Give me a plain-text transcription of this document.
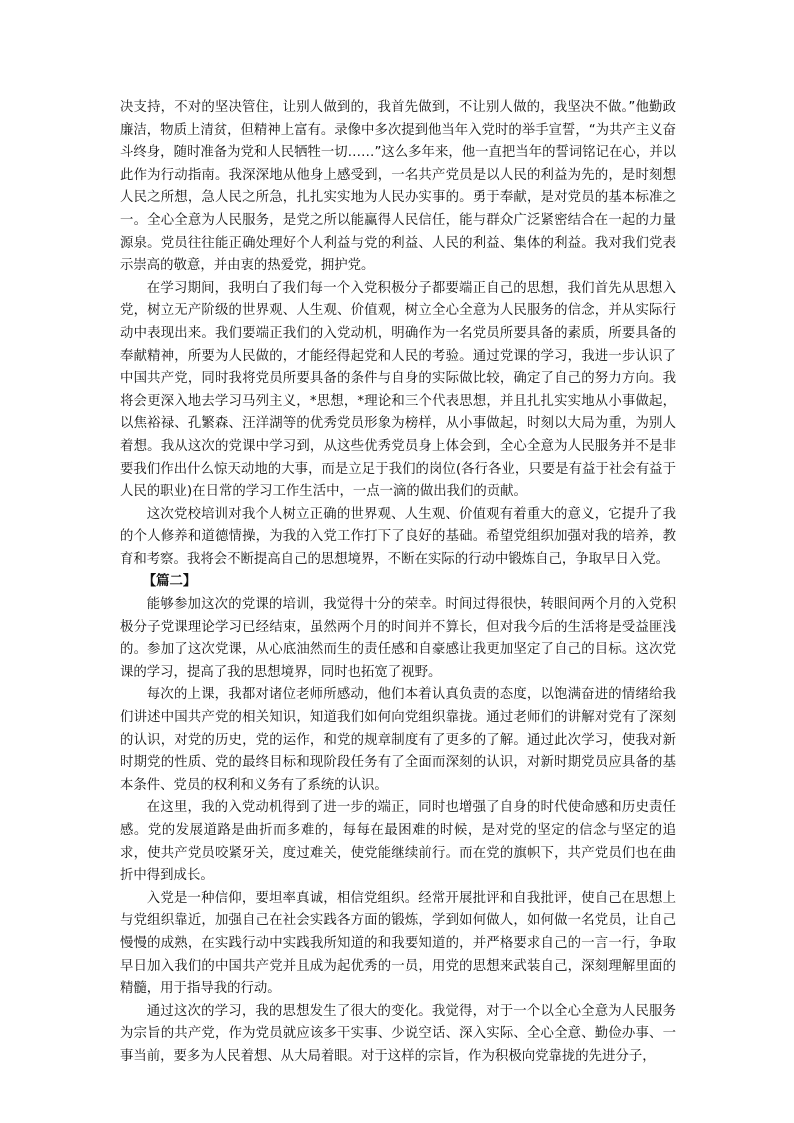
决支持，不对的坚决管住，让别人做到的，我首先做到，不让别人做的，我坚决不做。”他勤政廉洁，物质上清贫，但精神上富有。录像中多次提到他当年入党时的举手宣誓，“为共产主义奋斗终身，随时准备为党和人民牺牲一切……”这么多年来，他一直把当年的誓词铭记在心，并以此作为行动指南。我深深地从他身上感受到，一名共产党员是以人民的利益为先的，是时刻想人民之所想，急人民之所急，扎扎实实地为人民办实事的。勇于奉献，是对党员的基本标准之一。全心全意为人民服务，是党之所以能赢得人民信任，能与群众广泛紧密结合在一起的力量源泉。党员往往能正确处理好个人利益与党的利益、人民的利益、集体的利益。我对我们党表示崇高的敬意，并由衷的热爱党，拥护党。

在学习期间，我明白了我们每一个入党积极分子都要端正自己的思想，我们首先从思想入党，树立无产阶级的世界观、人生观、价值观，树立全心全意为人民服务的信念，并从实际行动中表现出来。我们要端正我们的入党动机，明确作为一名党员所要具备的素质，所要具备的奉献精神，所要为人民做的，才能经得起党和人民的考验。通过党课的学习，我进一步认识了中国共产党，同时我将党员所要具备的条件与自身的实际做比较，确定了自己的努力方向。我将会更深入地去学习马列主义，*思想，*理论和三个代表思想，并且扎扎实实地从小事做起，以焦裕禄、孔繁森、汪洋湖等的优秀党员形象为榜样，从小事做起，时刻以大局为重，为别人着想。我从这次的党课中学习到，从这些优秀党员身上体会到，全心全意为人民服务并不是非要我们作出什么惊天动地的大事，而是立足于我们的岗位(各行各业，只要是有益于社会有益于人民的职业)在日常的学习工作生活中，一点一滴的做出我们的贡献。

这次党校培训对我个人树立正确的世界观、人生观、价值观有着重大的意义，它提升了我的个人修养和道德情操，为我的入党工作打下了良好的基础。希望党组织加强对我的培养，教育和考察。我将会不断提高自己的思想境界，不断在实际的行动中锻炼自己，争取早日入党。

【篇二】

能够参加这次的党课的培训，我觉得十分的荣幸。时间过得很快，转眼间两个月的入党积极分子党课理论学习已经结束，虽然两个月的时间并不算长，但对我今后的生活将是受益匪浅的。参加了这次党课，从心底油然而生的责任感和自豪感让我更加坚定了自己的目标。这次党课的学习，提高了我的思想境界，同时也拓宽了视野。

每次的上课，我都对诸位老师所感动，他们本着认真负责的态度，以饱满奋进的情绪给我们讲述中国共产党的相关知识，知道我们如何向党组织靠拢。通过老师们的讲解对党有了深刻的认识，对党的历史，党的运作，和党的规章制度有了更多的了解。通过此次学习，使我对新时期党的性质、党的最终目标和现阶段任务有了全面而深刻的认识，对新时期党员应具备的基本条件、党员的权利和义务有了系统的认识。

在这里，我的入党动机得到了进一步的端正，同时也增强了自身的时代使命感和历史责任感。党的发展道路是曲折而多难的，每每在最困难的时候，是对党的坚定的信念与坚定的追求，使共产党员咬紧牙关，度过难关，使党能继续前行。而在党的旗帜下，共产党员们也在曲折中得到成长。

入党是一种信仰，要坦率真诚，相信党组织。经常开展批评和自我批评，使自己在思想上与党组织靠近，加强自己在社会实践各方面的锻炼，学到如何做人，如何做一名党员，让自己慢慢的成熟，在实践行动中实践我所知道的和我要知道的，并严格要求自己的一言一行，争取早日加入我们的中国共产党并且成为起优秀的一员，用党的思想来武装自己，深刻理解里面的精髓，用于指导我的行动。

通过这次的学习，我的思想发生了很大的变化。我觉得，对于一个以全心全意为人民服务为宗旨的共产党，作为党员就应该多干实事、少说空话、深入实际、全心全意、勤俭办事、一事当前，要多为人民着想、从大局着眼。对于这样的宗旨，作为积极向党靠拢的先进分子，
